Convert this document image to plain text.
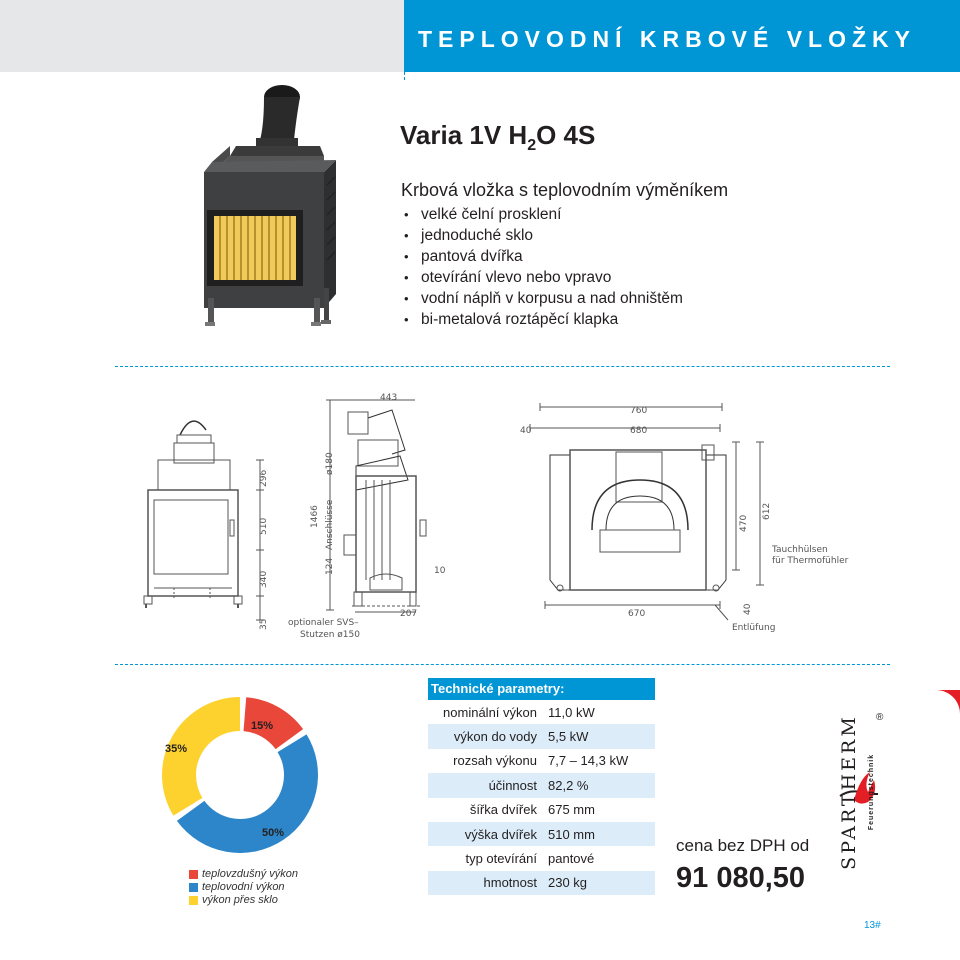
TEPLOVODNÍ KRBOVÉ VLOŽKY
Varia 1V $H_2O$ 4S

Krbová vložka s teplovodním výměníkem

• velké čelní prosklení
• jednoduché sklo
• pantová dvířka
• otevírání vlevo nebo vpravo
• vodní náplň v korpusu a nad ohništěm
• bi-metalová roztápěcí klapka
296
510
340
35
443
ø180
Anschlüsse
1466
124	10
207
optionaler SVS–
Stutzen ø150
40
760
680
470
612
670	40
Tauchhülsen
für Thermofühler
Entlüfung
15%
50%
35%
teplovzdušný výkon
teplovodní výkon
výkon přes sklo
Technické parametry:
nominální výkon 11,0 kW
výkon do vody 5,5 kW
rozsah výkonu 7,7 – 14,3 kW
účinnost 82,2 %
šířka dvířek 675 mm
výška dvířek 510 mm
typ otevírání pantové
hmotnost 230 kg

cena bez DPH od

91 080,50

SPARTHERM	Feuerungstechnik
®
13#
